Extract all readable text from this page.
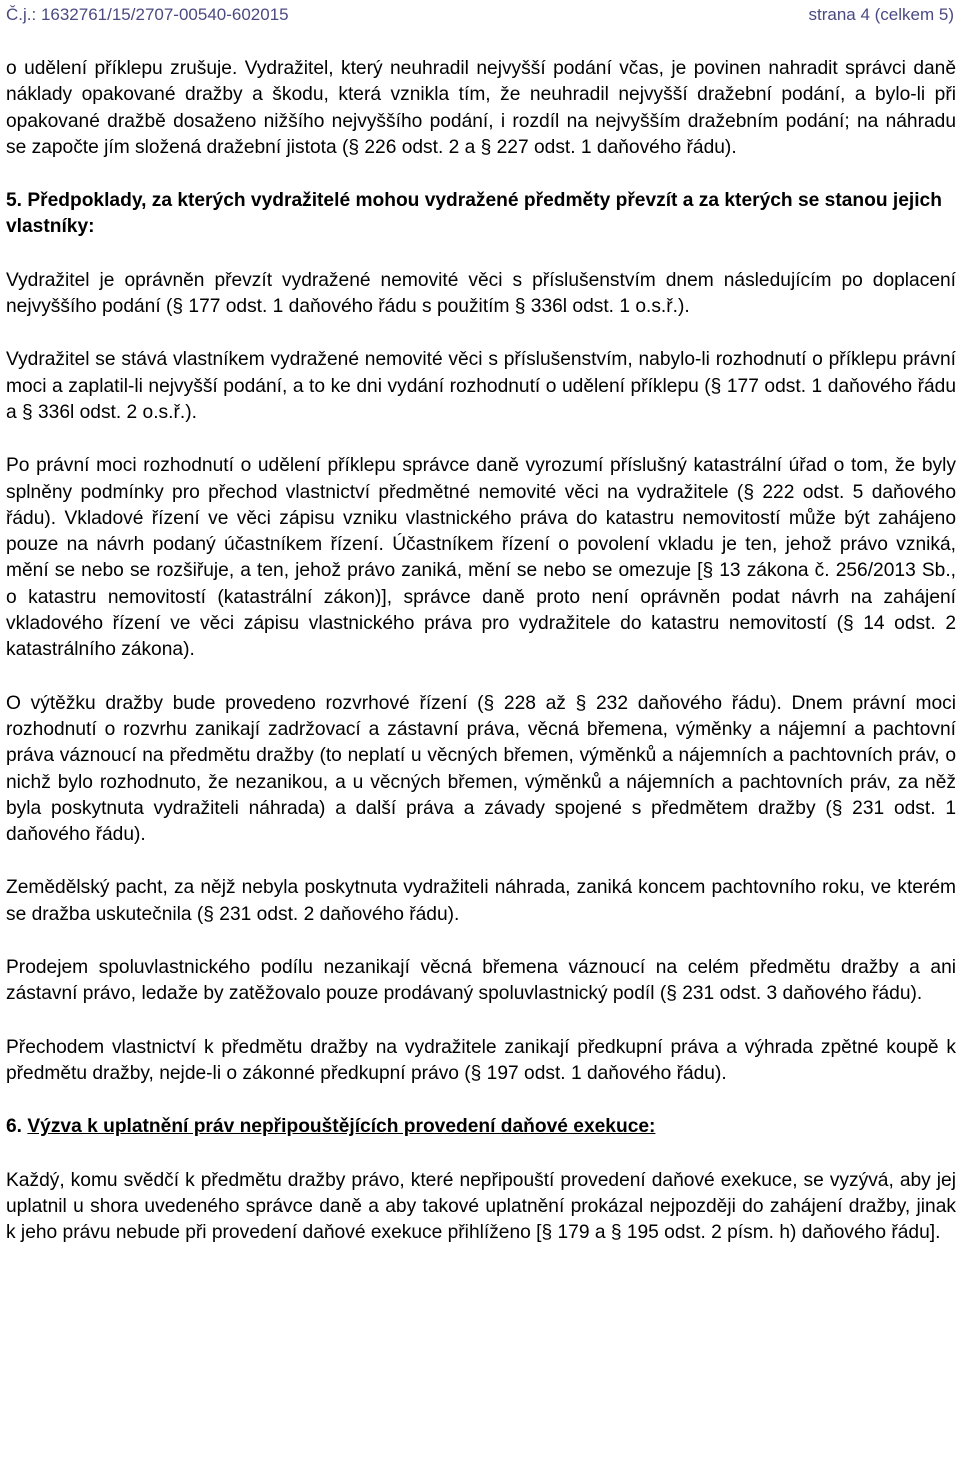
Č.j.: 1632761/15/2707-00540-602015	strana 4 (celkem 5)

o udělení příklepu zrušuje. Vydražitel, který neuhradil nejvyšší podání včas, je povinen nahradit správci daně náklady opakované dražby a škodu, která vznikla tím, že neuhradil nejvyšší dražební podání, a bylo-li při opakované dražbě dosaženo nižšího nejvyššího podání, i rozdíl na nejvyšším dražebním podání; na náhradu se započte jím složená dražební jistota (§ 226 odst. 2 a § 227 odst. 1 daňového řádu).

5. Předpoklady, za kterých vydražitelé mohou vydražené předměty převzít a za kterých se stanou jejich vlastníky:

Vydražitel je oprávněn převzít vydražené nemovité věci s příslušenstvím dnem následujícím po doplacení nejvyššího podání (§ 177 odst. 1 daňového řádu s použitím § 336l odst. 1 o.s.ř.).

Vydražitel se stává vlastníkem vydražené nemovité věci s příslušenstvím, nabylo-li rozhodnutí o příklepu právní moci a zaplatil-li nejvyšší podání, a to ke dni vydání rozhodnutí o udělení příklepu (§ 177 odst. 1 daňového řádu a § 336l odst. 2 o.s.ř.).

Po právní moci rozhodnutí o udělení příklepu správce daně vyrozumí příslušný katastrální úřad o tom, že byly splněny podmínky pro přechod vlastnictví předmětné nemovité věci na vydražitele (§ 222 odst. 5 daňového řádu). Vkladové řízení ve věci zápisu vzniku vlastnického práva do katastru nemovitostí může být zahájeno pouze na návrh podaný účastníkem řízení. Účastníkem řízení o povolení vkladu je ten, jehož právo vzniká, mění se nebo se rozšiřuje, a ten, jehož právo zaniká, mění se nebo se omezuje [§ 13 zákona č. 256/2013 Sb., o katastru nemovitostí (katastrální zákon)], správce daně proto není oprávněn podat návrh na zahájení vkladového řízení ve věci zápisu vlastnického práva pro vydražitele do katastru nemovitostí (§ 14 odst. 2 katastrálního zákona).

O výtěžku dražby bude provedeno rozvrhové řízení (§ 228 až § 232 daňového řádu). Dnem právní moci rozhodnutí o rozvrhu zanikají zadržovací a zástavní práva, věcná břemena, výměnky a nájemní a pachtovní práva váznoucí na předmětu dražby (to neplatí u věcných břemen, výměnků a nájemních a pachtovních práv, o nichž bylo rozhodnuto, že nezanikou, a u věcných břemen, výměnků a nájemních a pachtovních práv, za něž byla poskytnuta vydražiteli náhrada) a další práva a závady spojené s předmětem dražby (§ 231 odst. 1 daňového řádu).

Zemědělský pacht, za nějž nebyla poskytnuta vydražiteli náhrada, zaniká koncem pachtovního roku, ve kterém se dražba uskutečnila (§ 231 odst. 2 daňového řádu).

Prodejem spoluvlastnického podílu nezanikají věcná břemena váznoucí na celém předmětu dražby a ani zástavní právo, ledaže by zatěžovalo pouze prodávaný spoluvlastnický podíl (§ 231 odst. 3 daňového řádu).

Přechodem vlastnictví k předmětu dražby na vydražitele zanikají předkupní práva a výhrada zpětné koupě k předmětu dražby, nejde-li o zákonné předkupní právo (§ 197 odst. 1 daňového řádu).

6. Výzva k uplatnění práv nepřipouštějících provedení daňové exekuce:

Každý, komu svědčí k předmětu dražby právo, které nepřipouští provedení daňové exekuce, se vyzývá, aby jej uplatnil u shora uvedeného správce daně a aby takové uplatnění prokázal nejpozději do zahájení dražby, jinak k jeho právu nebude při provedení daňové exekuce přihlíženo [§ 179 a § 195 odst. 2 písm. h) daňového řádu].
